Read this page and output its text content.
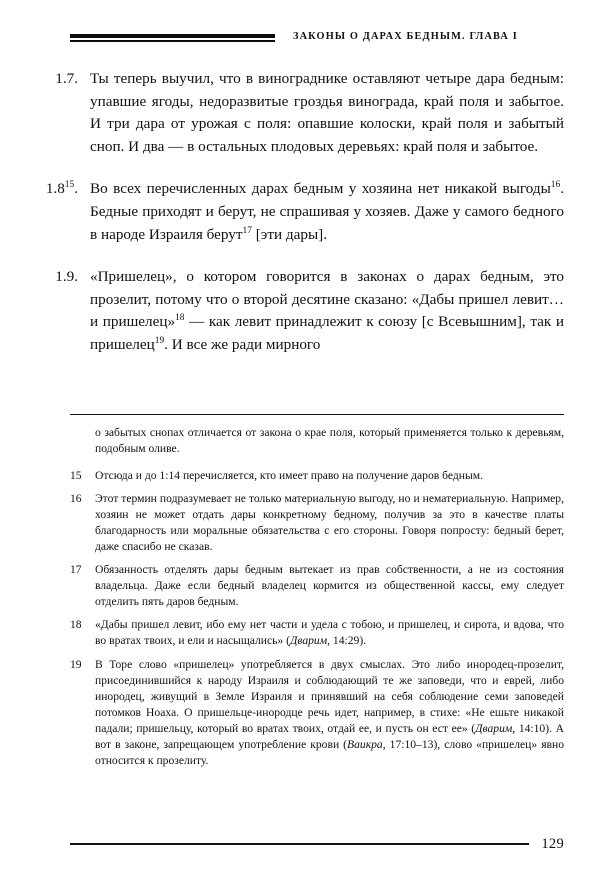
ЗАКОНЫ О ДАРАХ БЕДНЫМ. ГЛАВА I
1.7. Ты теперь выучил, что в винограднике оставляют четыре дара бедным: упавшие ягоды, недоразвитые гроздья винограда, край поля и забытое. И три дара от урожая с поля: опавшие колоски, край поля и забытый сноп. И два — в остальных плодовых деревьях: край поля и забытое.
$1.8^{15}$. Во всех перечисленных дарах бедным у хозяина нет никакой выгоды$^{16}$. Бедные приходят и берут, не спрашивая у хозяев. Даже у самого бедного в народе Израиля берут$^{17}$ [эти дары].
1.9. «Пришелец», о котором говорится в законах о дарах бедным, это прозелит, потому что о второй десятине сказано: «Дабы пришел левит… и пришелец»$^{18}$ — как левит принадлежит к союзу [с Всевышним], так и пришелец$^{19}$. И все же ради мирного
о забытых снопах отличается от закона о крае поля, который применяется только к деревьям, подобным оливе.
15	Отсюда и до 1:14 перечисляется, кто имеет право на получение даров бедным.
16	Этот термин подразумевает не только материальную выгоду, но и нематериальную. Например, хозяин не может отдать дары конкретному бедному, получив за это в качестве платы благодарность или моральные обязательства с его стороны. Говоря попросту: бедный берет, даже спасибо не сказав.
17	Обязанность отделять дары бедным вытекает из прав собственности, а не из состояния владельца. Даже если бедный владелец кормится из общественной кассы, ему следует отделить пять даров бедным.
18	«Дабы пришел левит, ибо ему нет части и удела с тобою, и пришелец, и сирота, и вдова, что во вратах твоих, и ели и насыщались» (Дварим, 14:29).
19	В Торе слово «пришелец» употребляется в двух смыслах. Это либо инородец-прозелит, присоединившийся к народу Израиля и соблюдающий те же заповеди, что и еврей, либо инородец, живущий в Земле Израиля и принявший на себя соблюдение семи заповедей потомков Ноаха. О пришельце-инородце речь идет, например, в стихе: «Не ешьте никакой падали; пришельцу, который во вратах твоих, отдай ее, и пусть он ест ее» (Дварим, 14:10). А вот в законе, запрещающем употребление крови (Ваикра, 17:10–13), слово «пришелец» явно относится к прозелиту.
129
